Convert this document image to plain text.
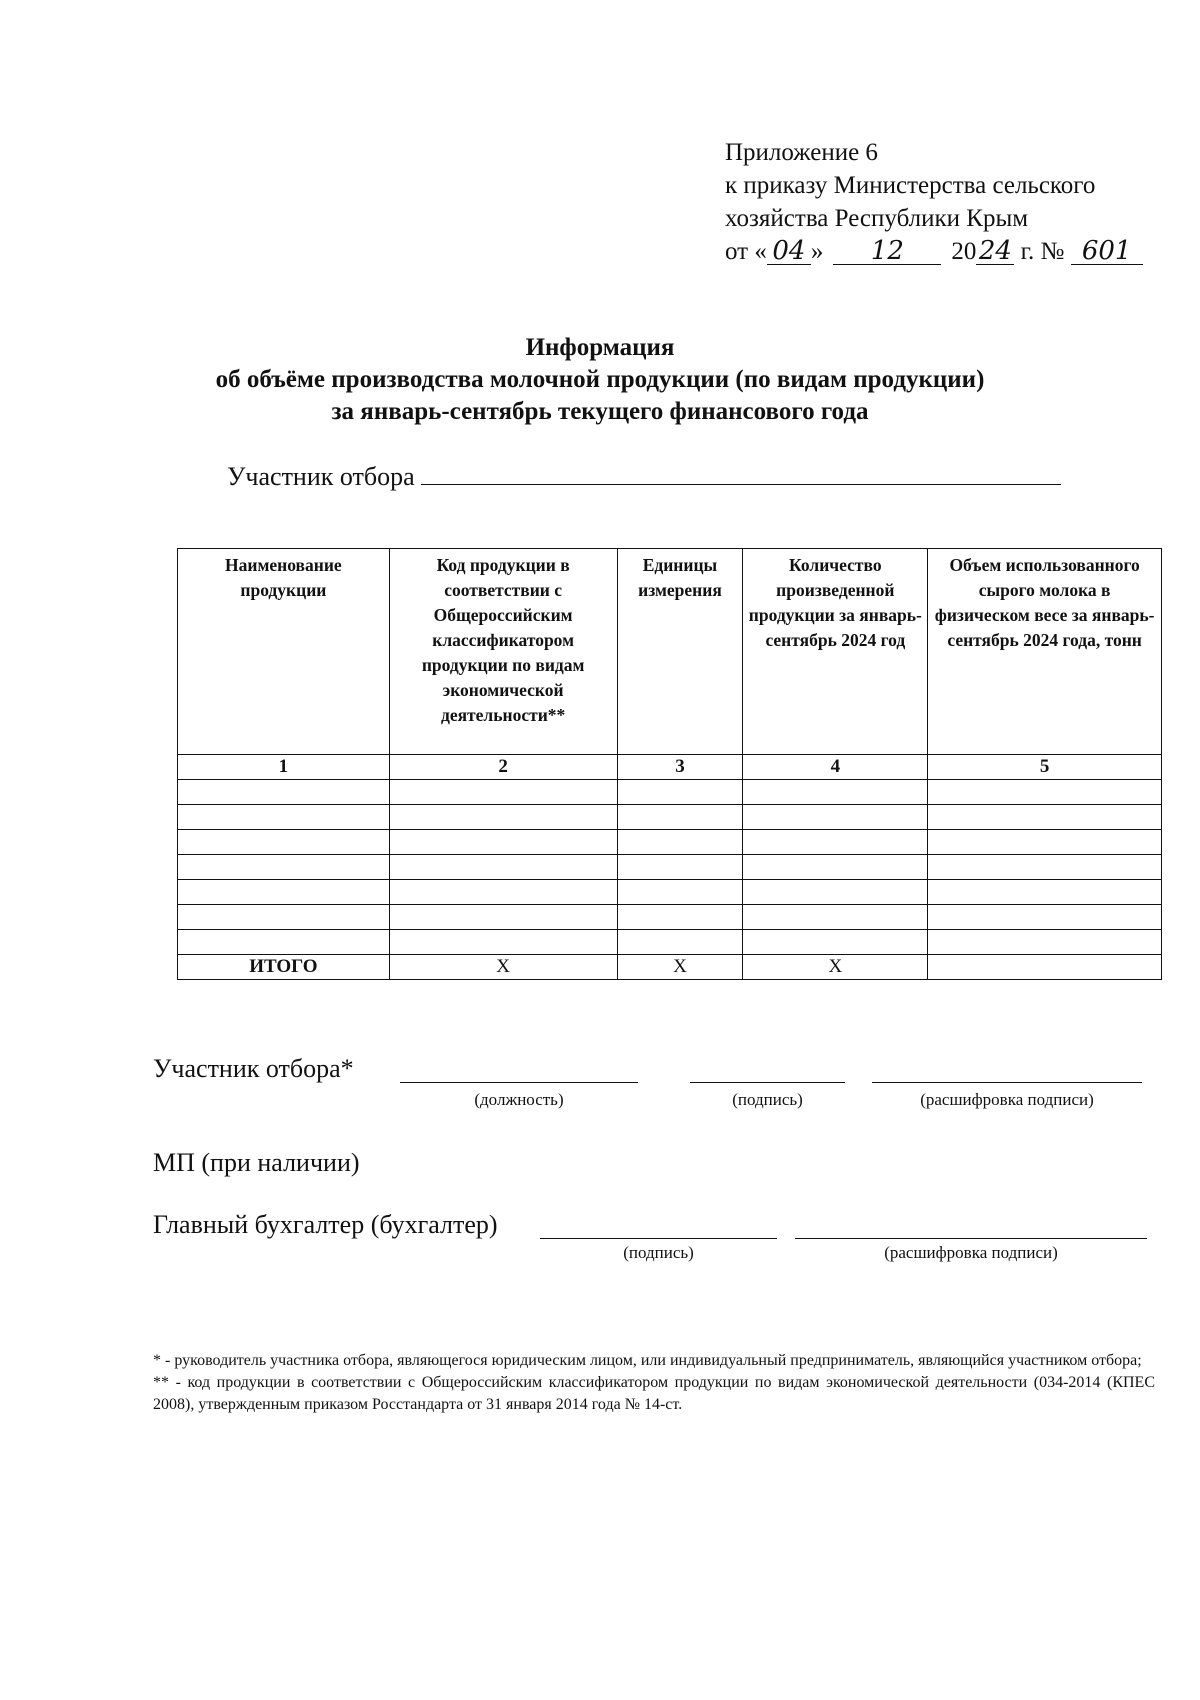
Приложение 6
к приказу Министерства сельского
хозяйства Республики Крым
от « 04 » 12 2024 г. № 601
Информация
об объёме производства молочной продукции (по видам продукции)
за январь-сентябрь текущего финансового года
Участник отбора
Наименование продукции	Код продукции в соответствии с Общероссийским классификатором продукции по видам экономической деятельности**	Единицы измерения	Количество произведенной продукции за январь-сентябрь 2024 год	Объем использованного сырого молока в физическом весе за январь-сентябрь 2024 года, тонн
1	2	3	4	5

ИТОГО	Х	Х	Х	
Участник отбора*
(должность)	(подпись)	(расшифровка подписи)
МП (при наличии)
Главный бухгалтер (бухгалтер)
(подпись)	(расшифровка подписи)

* - руководитель участника отбора, являющегося юридическим лицом, или индивидуальный предприниматель, являющийся участником отбора;

** - код продукции в соответствии с Общероссийским классификатором продукции по видам экономической деятельности (034-2014 (КПЕС 2008), утвержденным приказом Росстандарта от 31 января 2014 года № 14-ст.
